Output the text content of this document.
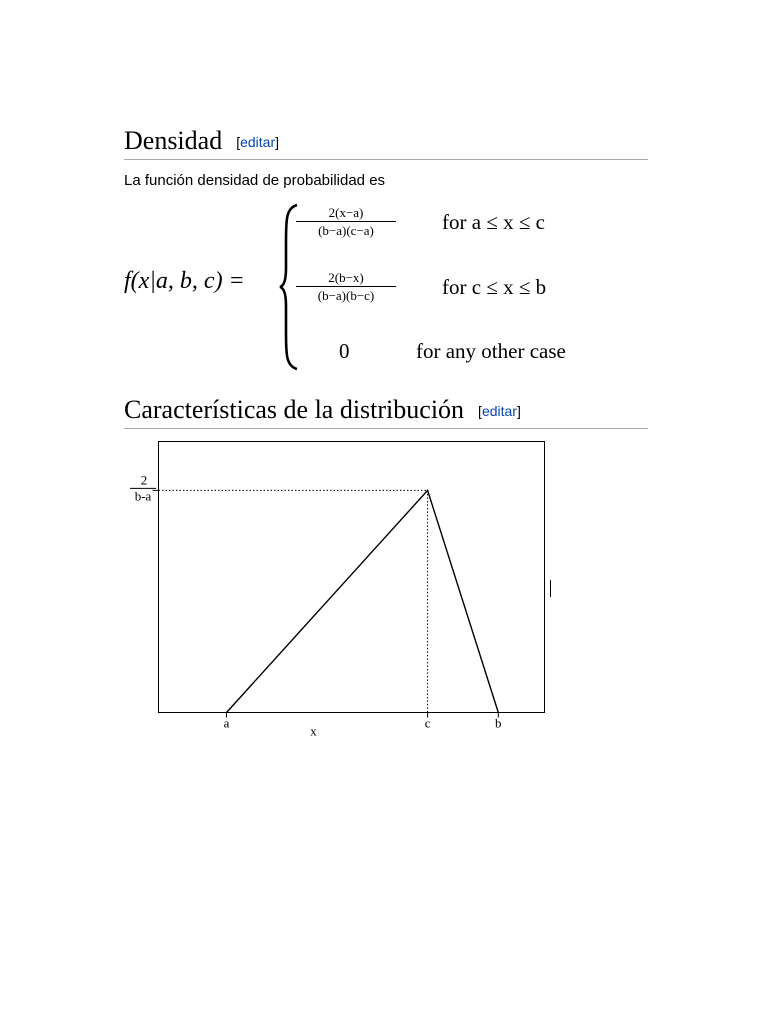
Densidad [editar]
La función densidad de probabilidad es
f(x|a, b, c) =
$\frac{2(x-a)}{(b-a)(c-a)}$ for a ≤ x ≤ c
$\frac{2(b-x)}{(b-a)(b-c)}$ for c ≤ x ≤ b
0	for any other case
Características de la distribución [editar]
a	c	b
2
b-a
x
